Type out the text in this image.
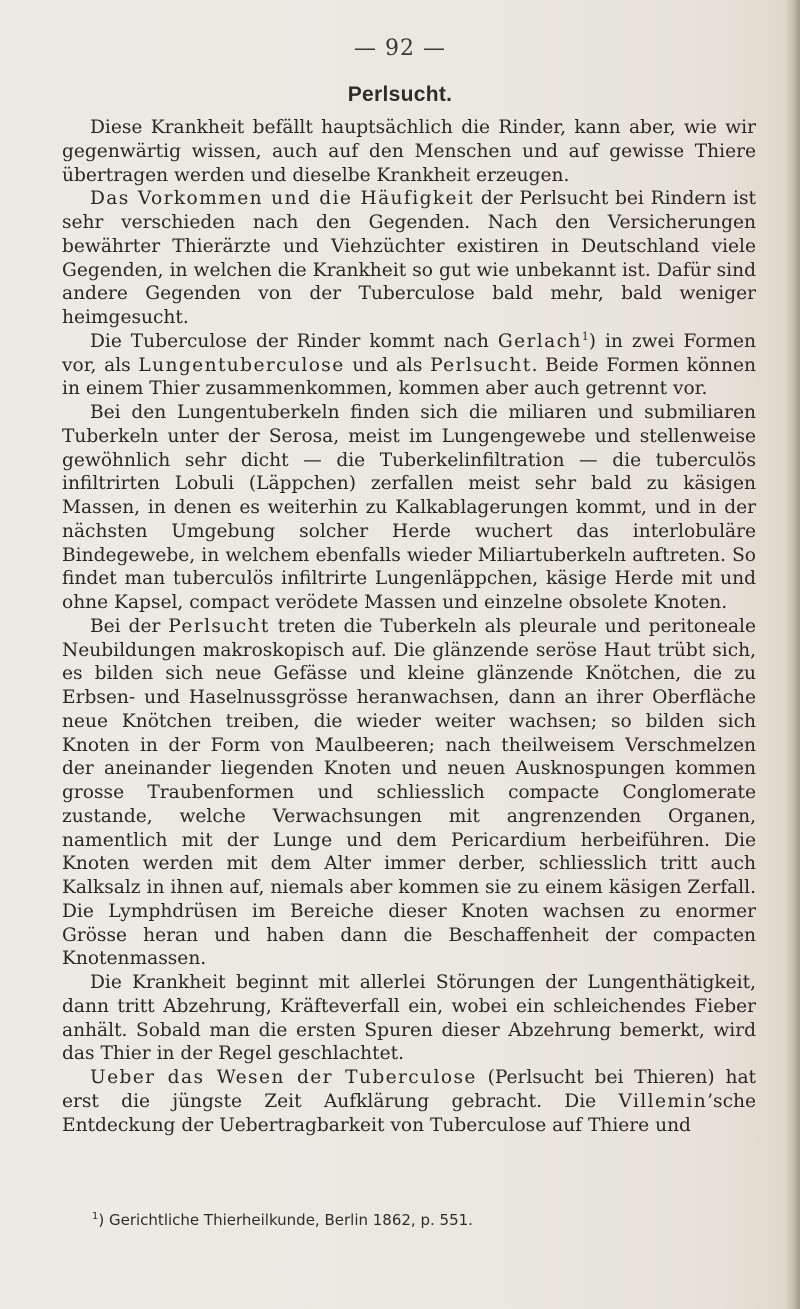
— 92 —
Perlsucht.

Diese Krankheit befällt hauptsächlich die Rinder, kann aber, wie wir gegenwärtig wissen, auch auf den Menschen und auf gewisse Thiere übertragen werden und dieselbe Krankheit erzeugen.

Das Vorkommen und die Häufigkeit der Perlsucht bei Rindern ist sehr verschieden nach den Gegenden. Nach den Versicherungen bewährter Thierärzte und Viehzüchter existiren in Deutschland viele Gegenden, in welchen die Krankheit so gut wie unbekannt ist. Dafür sind andere Gegenden von der Tuberculose bald mehr, bald weniger heimgesucht.

Die Tuberculose der Rinder kommt nach Gerlach$^1$) in zwei Formen vor, als Lungentuberculose und als Perlsucht. Beide Formen können in einem Thier zusammenkommen, kommen aber auch getrennt vor.

Bei den Lungentuberkeln finden sich die miliaren und submiliaren Tuberkeln unter der Serosa, meist im Lungengewebe und stellenweise gewöhnlich sehr dicht — die Tuberkelinfiltration — die tuberculös infiltrirten Lobuli (Läppchen) zerfallen meist sehr bald zu käsigen Massen, in denen es weiterhin zu Kalkablagerungen kommt, und in der nächsten Umgebung solcher Herde wuchert das interlobuläre Bindegewebe, in welchem ebenfalls wieder Miliartuberkeln auftreten. So findet man tuberculös infiltrirte Lungenläppchen, käsige Herde mit und ohne Kapsel, compact verödete Massen und einzelne obsolete Knoten.

Bei der Perlsucht treten die Tuberkeln als pleurale und peritoneale Neubildungen makroskopisch auf. Die glänzende seröse Haut trübt sich, es bilden sich neue Gefässe und kleine glänzende Knötchen, die zu Erbsen- und Haselnussgrösse heranwachsen, dann an ihrer Oberfläche neue Knötchen treiben, die wieder weiter wachsen; so bilden sich Knoten in der Form von Maulbeeren; nach theilweisem Verschmelzen der aneinander liegenden Knoten und neuen Ausknospungen kommen grosse Traubenformen und schliesslich compacte Conglomerate zustande, welche Verwachsungen mit angrenzenden Organen, namentlich mit der Lunge und dem Pericardium herbeiführen. Die Knoten werden mit dem Alter immer derber, schliesslich tritt auch Kalksalz in ihnen auf, niemals aber kommen sie zu einem käsigen Zerfall. Die Lymphdrüsen im Bereiche dieser Knoten wachsen zu enormer Grösse heran und haben dann die Beschaffenheit der compacten Knotenmassen.

Die Krankheit beginnt mit allerlei Störungen der Lungenthätigkeit, dann tritt Abzehrung, Kräfteverfall ein, wobei ein schleichendes Fieber anhält. Sobald man die ersten Spuren dieser Abzehrung bemerkt, wird das Thier in der Regel geschlachtet.

Ueber das Wesen der Tuberculose (Perlsucht bei Thieren) hat erst die jüngste Zeit Aufklärung gebracht. Die Villemin’sche Entdeckung der Uebertragbarkeit von Tuberculose auf Thiere und

$^1$) Gerichtliche Thierheilkunde, Berlin 1862, p. 551.
